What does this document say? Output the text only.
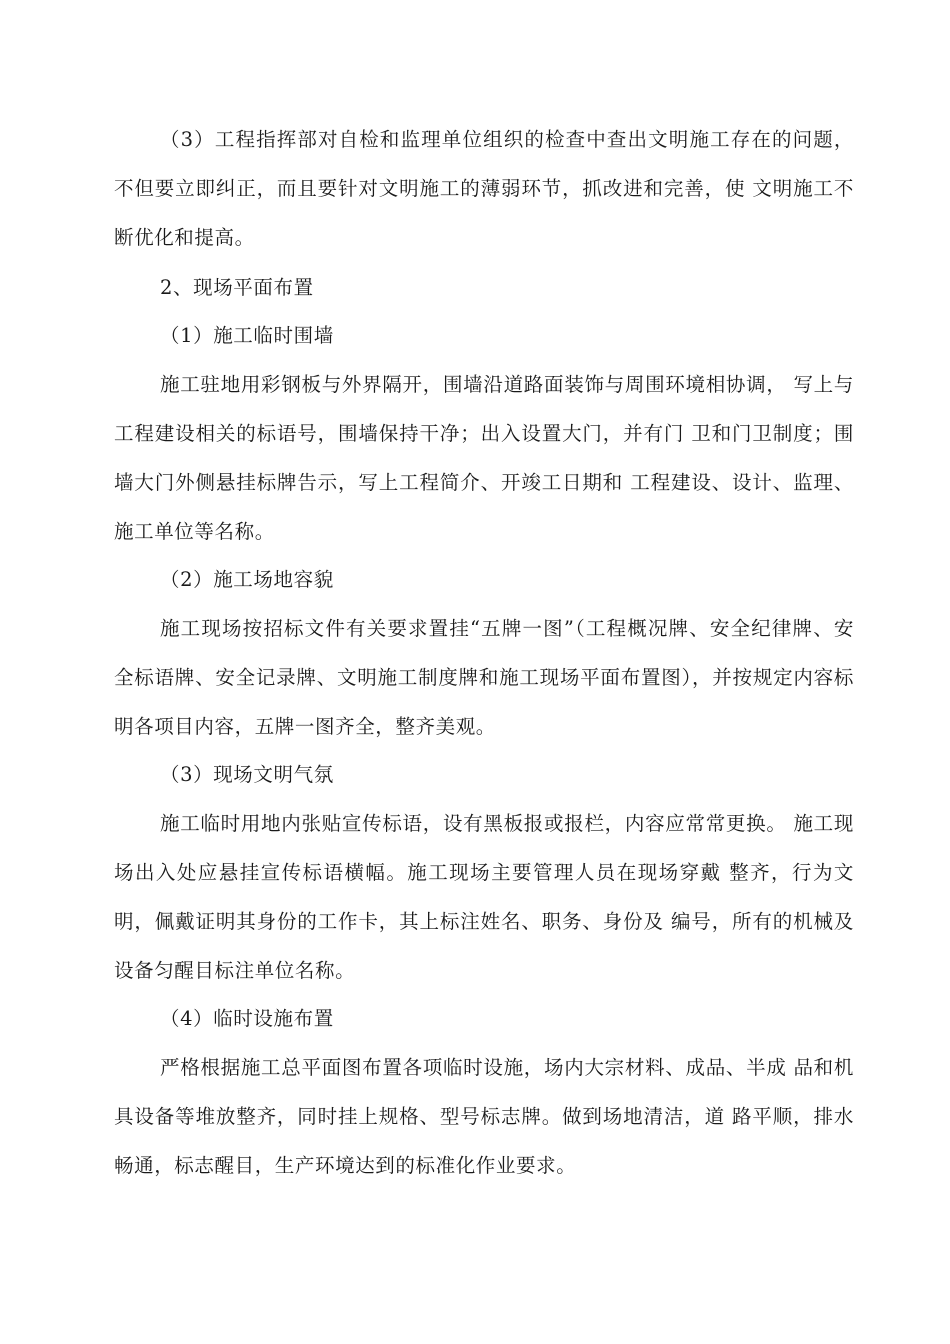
（3）工程指挥部对自检和监理单位组织的检查中查出文明施工存在的问题，不但要立即纠正，而且要针对文明施工的薄弱环节，抓改进和完善，使 文明施工不断优化和提高。

2、现场平面布置

（1）施工临时围墙

施工驻地用彩钢板与外界隔开，围墙沿道路面装饰与周围环境相协调， 写上与工程建设相关的标语号，围墙保持干净；出入设置大门，并有门 卫和门卫制度；围墙大门外侧悬挂标牌告示，写上工程简介、开竣工日期和 工程建设、设计、监理、施工单位等名称。

（2）施工场地容貌

施工现场按招标文件有关要求置挂“五牌一图”（工程概况牌、安全纪律牌、安全标语牌、安全记录牌、文明施工制度牌和施工现场平面布置图），并按规定内容标明各项目内容，五牌一图齐全，整齐美观。

（3）现场文明气氛

施工临时用地内张贴宣传标语，设有黑板报或报栏，内容应常常更换。 施工现场出入处应悬挂宣传标语横幅。施工现场主要管理人员在现场穿戴 整齐，行为文明，佩戴证明其身份的工作卡，其上标注姓名、职务、身份及 编号，所有的机械及设备匀醒目标注单位名称。

（4）临时设施布置

严格根据施工总平面图布置各项临时设施，场内大宗材料、成品、半成 品和机具设备等堆放整齐，同时挂上规格、型号标志牌。做到场地清洁，道 路平顺，排水畅通，标志醒目，生产环境达到的标准化作业要求。
